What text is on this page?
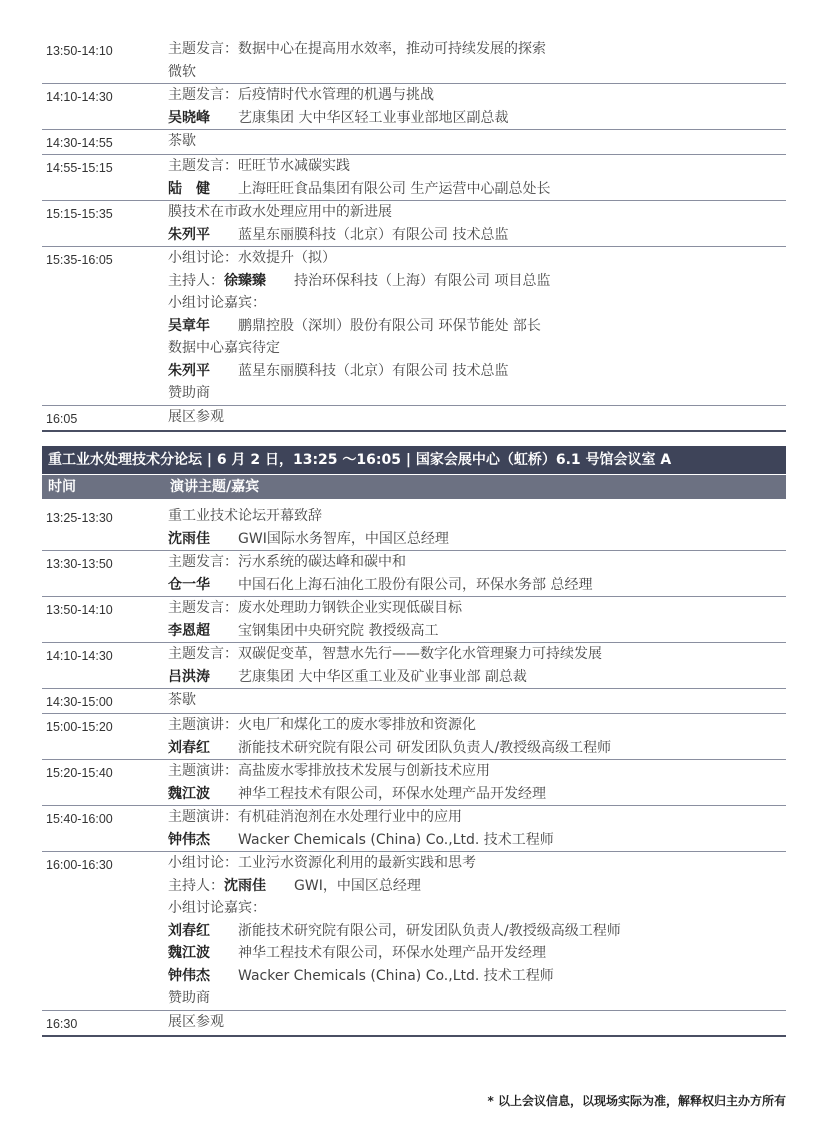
13:50-14:10	主题发言：数据中心在提高用水效率，推动可持续发展的探索
微软
14:10-14:30	主题发言：后疫情时代水管理的机遇与挑战
吴晓峰 艺康集团 大中华区轻工业事业部地区副总裁
14:30-14:55	茶歇
14:55-15:15	主题发言：旺旺节水减碳实践
陆　健 上海旺旺食品集团有限公司 生产运营中心副总处长
15:15-15:35	膜技术在市政水处理应用中的新进展
朱列平 蓝星东丽膜科技（北京）有限公司 技术总监
15:35-16:05	小组讨论：水效提升（拟）
主持人：徐臻臻 持治环保科技（上海）有限公司 项目总监
小组讨论嘉宾：
吴章年 鹏鼎控股（深圳）股份有限公司 环保节能处 部长
数据中心嘉宾待定
朱列平 蓝星东丽膜科技（北京）有限公司 技术总监
赞助商
16:05	展区参观
重工业水处理技术分论坛 | 6 月 2 日，13:25 ～16:05 | 国家会展中心（虹桥）6.1 号馆会议室 A
时间	演讲主题/嘉宾
13:25-13:30	重工业技术论坛开幕致辞
沈雨佳 GWI国际水务智库，中国区总经理
13:30-13:50	主题发言：污水系统的碳达峰和碳中和
仓一华 中国石化上海石油化工股份有限公司，环保水务部 总经理
13:50-14:10	主题发言：废水处理助力钢铁企业实现低碳目标
李恩超 宝钢集团中央研究院 教授级高工
14:10-14:30	主题发言：双碳促变革，智慧水先行——数字化水管理聚力可持续发展
吕洪涛 艺康集团 大中华区重工业及矿业事业部 副总裁
14:30-15:00	茶歇
15:00-15:20	主题演讲：火电厂和煤化工的废水零排放和资源化
刘春红 浙能技术研究院有限公司 研发团队负责人/教授级高级工程师
15:20-15:40	主题演讲：高盐废水零排放技术发展与创新技术应用
魏江波 神华工程技术有限公司，环保水处理产品开发经理
15:40-16:00	主题演讲：有机硅消泡剂在水处理行业中的应用
钟伟杰 Wacker Chemicals (China) Co.,Ltd. 技术工程师
16:00-16:30	小组讨论：工业污水资源化利用的最新实践和思考
主持人：沈雨佳 GWI，中国区总经理
小组讨论嘉宾：
刘春红 浙能技术研究院有限公司，研发团队负责人/教授级高级工程师
魏江波 神华工程技术有限公司，环保水处理产品开发经理
钟伟杰 Wacker Chemicals (China) Co.,Ltd. 技术工程师
赞助商
16:30	展区参观
* 以上会议信息，以现场实际为准，解释权归主办方所有
